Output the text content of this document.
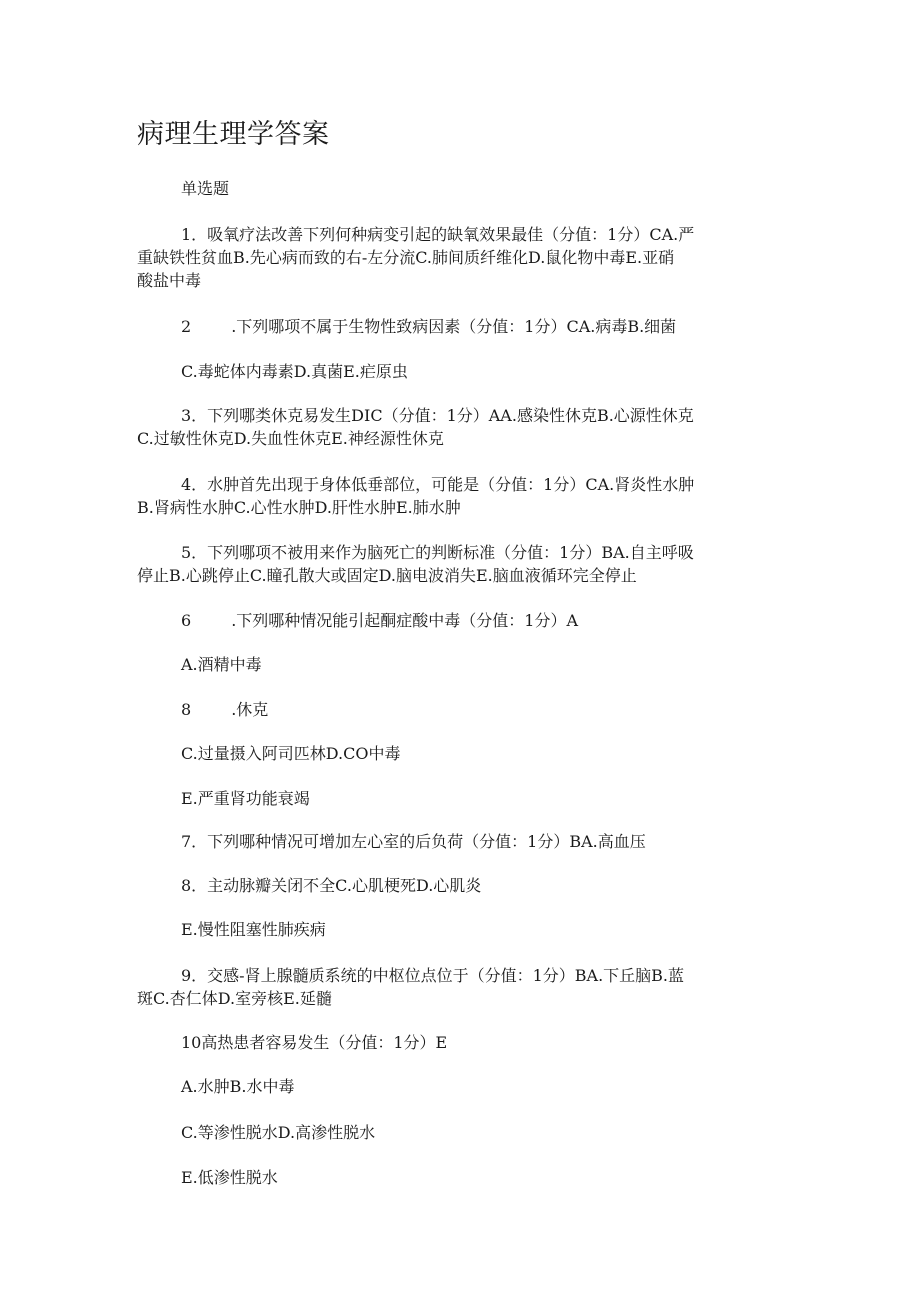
病理生理学答案
单选题
1．吸氧疗法改善下列何种病变引起的缺氧效果最佳（分值：1分）CA.严
重缺铁性贫血B.先心病而致的右-左分流C.肺间质纤维化D.鼠化物中毒E.亚硝
酸盐中毒
2	.下列哪项不属于生物性致病因素（分值：1分）CA.病毒B.细菌
C.毒蛇体内毒素D.真菌E.疟原虫
3．下列哪类休克易发生DIC（分值：1分）AA.感染性休克B.心源性休克
C.过敏性休克D.失血性休克E.神经源性休克
4．水肿首先出现于身体低垂部位，可能是（分值：1分）CA.肾炎性水肿
B.肾病性水肿C.心性水肿D.肝性水肿E.肺水肿
5．下列哪项不被用来作为脑死亡的判断标准（分值：1分）BA.自主呼吸
停止B.心跳停止C.瞳孔散大或固定D.脑电波消失E.脑血液循环完全停止
6	.下列哪种情况能引起酮症酸中毒（分值：1分）A
A.酒精中毒
8	.休克
C.过量摄入阿司匹林D.CO中毒
E.严重肾功能衰竭
7．下列哪种情况可增加左心室的后负荷（分值：1分）BA.高血压
8．主动脉瓣关闭不全C.心肌梗死D.心肌炎
E.慢性阻塞性肺疾病
9．交感-肾上腺髓质系统的中枢位点位于（分值：1分）BA.下丘脑B.蓝
斑C.杏仁体D.室旁核E.延髓
10高热患者容易发生（分值：1分）E
A.水肿B.水中毒
C.等渗性脱水D.高渗性脱水
E.低渗性脱水
